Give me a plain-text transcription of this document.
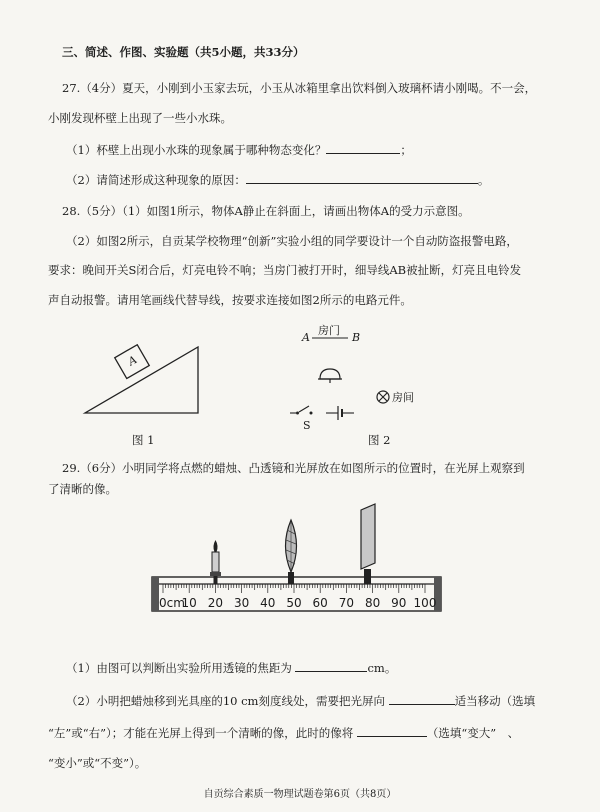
三、简述、作图、实验题（共5小题，共33分）
27.（4分）夏天，小刚到小玉家去玩，小玉从冰箱里拿出饮料倒入玻璃杯请小刚喝。不一会，
小刚发现杯壁上出现了一些小水珠。
（1）杯壁上出现小水珠的现象属于哪种物态变化？	；
（2）请简述形成这种现象的原因：	。
28.（5分）（1）如图1所示，物体A静止在斜面上，请画出物体A的受力示意图。
（2）如图2所示，自贡某学校物理“创新”实验小组的同学要设计一个自动防盗报警电路，
要求：晚间开关S闭合后，灯亮电铃不响；当房门被打开时，细导线AB被扯断，灯亮且电铃发
声自动报警。请用笔画线代替导线，按要求连接如图2所示的电路元件。
A
图 1
A	B
房门
房间
S
图 2
29.（6分）小明同学将点燃的蜡烛、凸透镜和光屏放在如图所示的位置时，在光屏上观察到
了清晰的像。
0cm
10 20 30 40 50 60 70 80 90 100
（1）由图可以判断出实验所用透镜的焦距为	cm。
（2）小明把蜡烛移到光具座的10 cm刻度线处，需要把光屏向	适当移动（选填
“左”或“右”）；才能在光屏上得到一个清晰的像，此时的像将	（选填“变大”　、
“变小”或“不变”）。
自贡综合素质一物理试题卷第6页（共8页）
